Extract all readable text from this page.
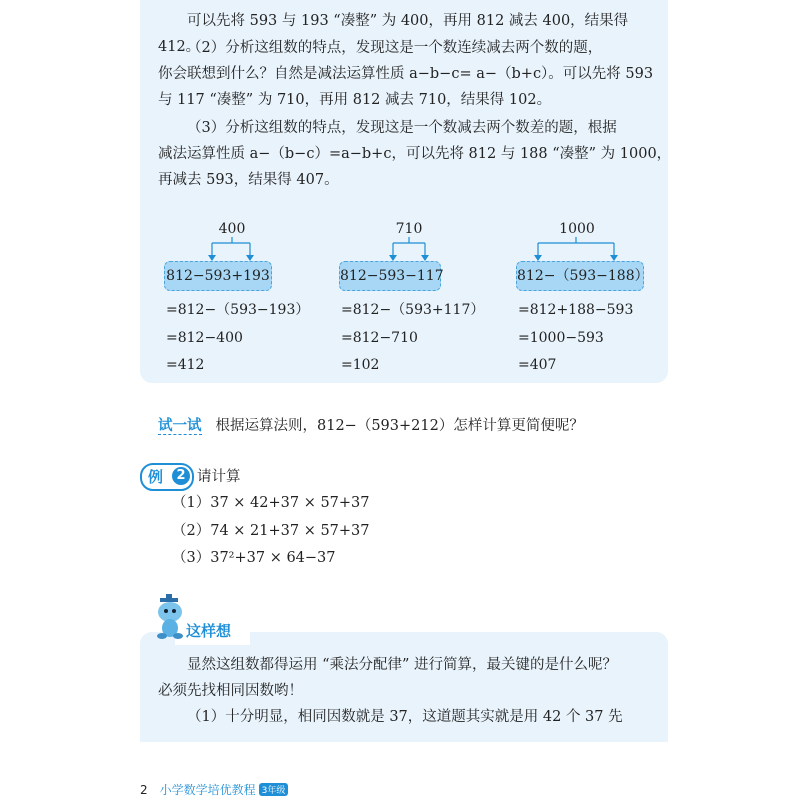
可以先将 593 与 193 “凑整” 为 400，再用 812 减去 400，结果得 412。

（2）分析这组数的特点，发现这是一个数连续减去两个数的题，
你会联想到什么？自然是减法运算性质 a−b−c= a−（b+c）。可以先将 593
与 117 “凑整” 为 710，再用 812 减去 710，结果得 102。

（3）分析这组数的特点，发现这是一个数减去两个数差的题，根据
减法运算性质 a−（b−c）=a−b+c，可以先将 812 与 188 “凑整” 为 1000，
再减去 593，结果得 407。

400
812−593+193
=812−（593−193）
=812−400
=412
710
812−593−117
=812−（593+117）
=812−710
=102
1000
812−（593−188）
=812+188−593
=1000−593
=407
试一试 根据运算法则，812−（593+212）怎样计算更简便呢？
例	2 请计算
（1）37 × 42+37 × 57+37
（2）74 × 21+37 × 57+37
（3）37²+37 × 64−37
这样想

显然这组数都得运用 “乘法分配律” 进行简算，最关键的是什么呢？
必须先找相同因数哟！
（1）十分明显，相同因数就是 37，这道题其实就是用 42 个 37 先

2 小学数学培优教程 3年级
